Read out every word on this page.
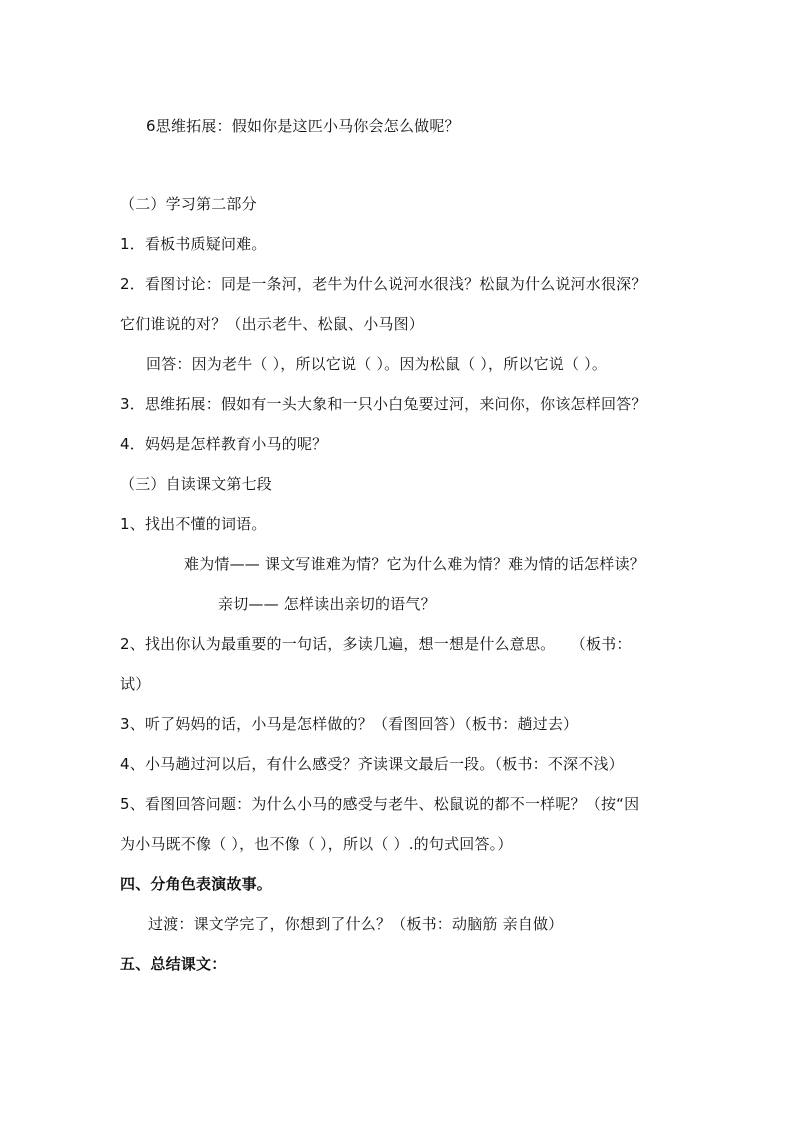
6思维拓展：假如你是这匹小马你会怎么做呢？
（二）学习第二部分
1．看板书质疑问难。
2．看图讨论：同是一条河，老牛为什么说河水很浅？松鼠为什么说河水很深？
它们谁说的对？（出示老牛、松鼠、小马图）
回答：因为老牛（ ），所以它说（ ）。因为松鼠（ ），所以它说（ ）。
3．思维拓展：假如有一头大象和一只小白兔要过河，来问你，你该怎样回答？
4．妈妈是怎样教育小马的呢？
（三）自读课文第七段
1、找出不懂的词语。
难为情—— 课文写谁难为情？它为什么难为情？难为情的话怎样读？
亲切—— 怎样读出亲切的语气？
2、找出你认为最重要的一句话，多读几遍，想一想是什么意思。　　（板书：
试）
3、听了妈妈的话，小马是怎样做的？（看图回答）（板书：趟过去）
4、小马趟过河以后，有什么感受？齐读课文最后一段。（板书：不深不浅）
5、看图回答问题：为什么小马的感受与老牛、松鼠说的都不一样呢？（按“因
为小马既不像（ ），也不像（ ），所以（ ）.的句式回答。）
四、分角色表演故事。
过渡：课文学完了，你想到了什么？（板书：动脑筋 亲自做）
五、总结课文：
